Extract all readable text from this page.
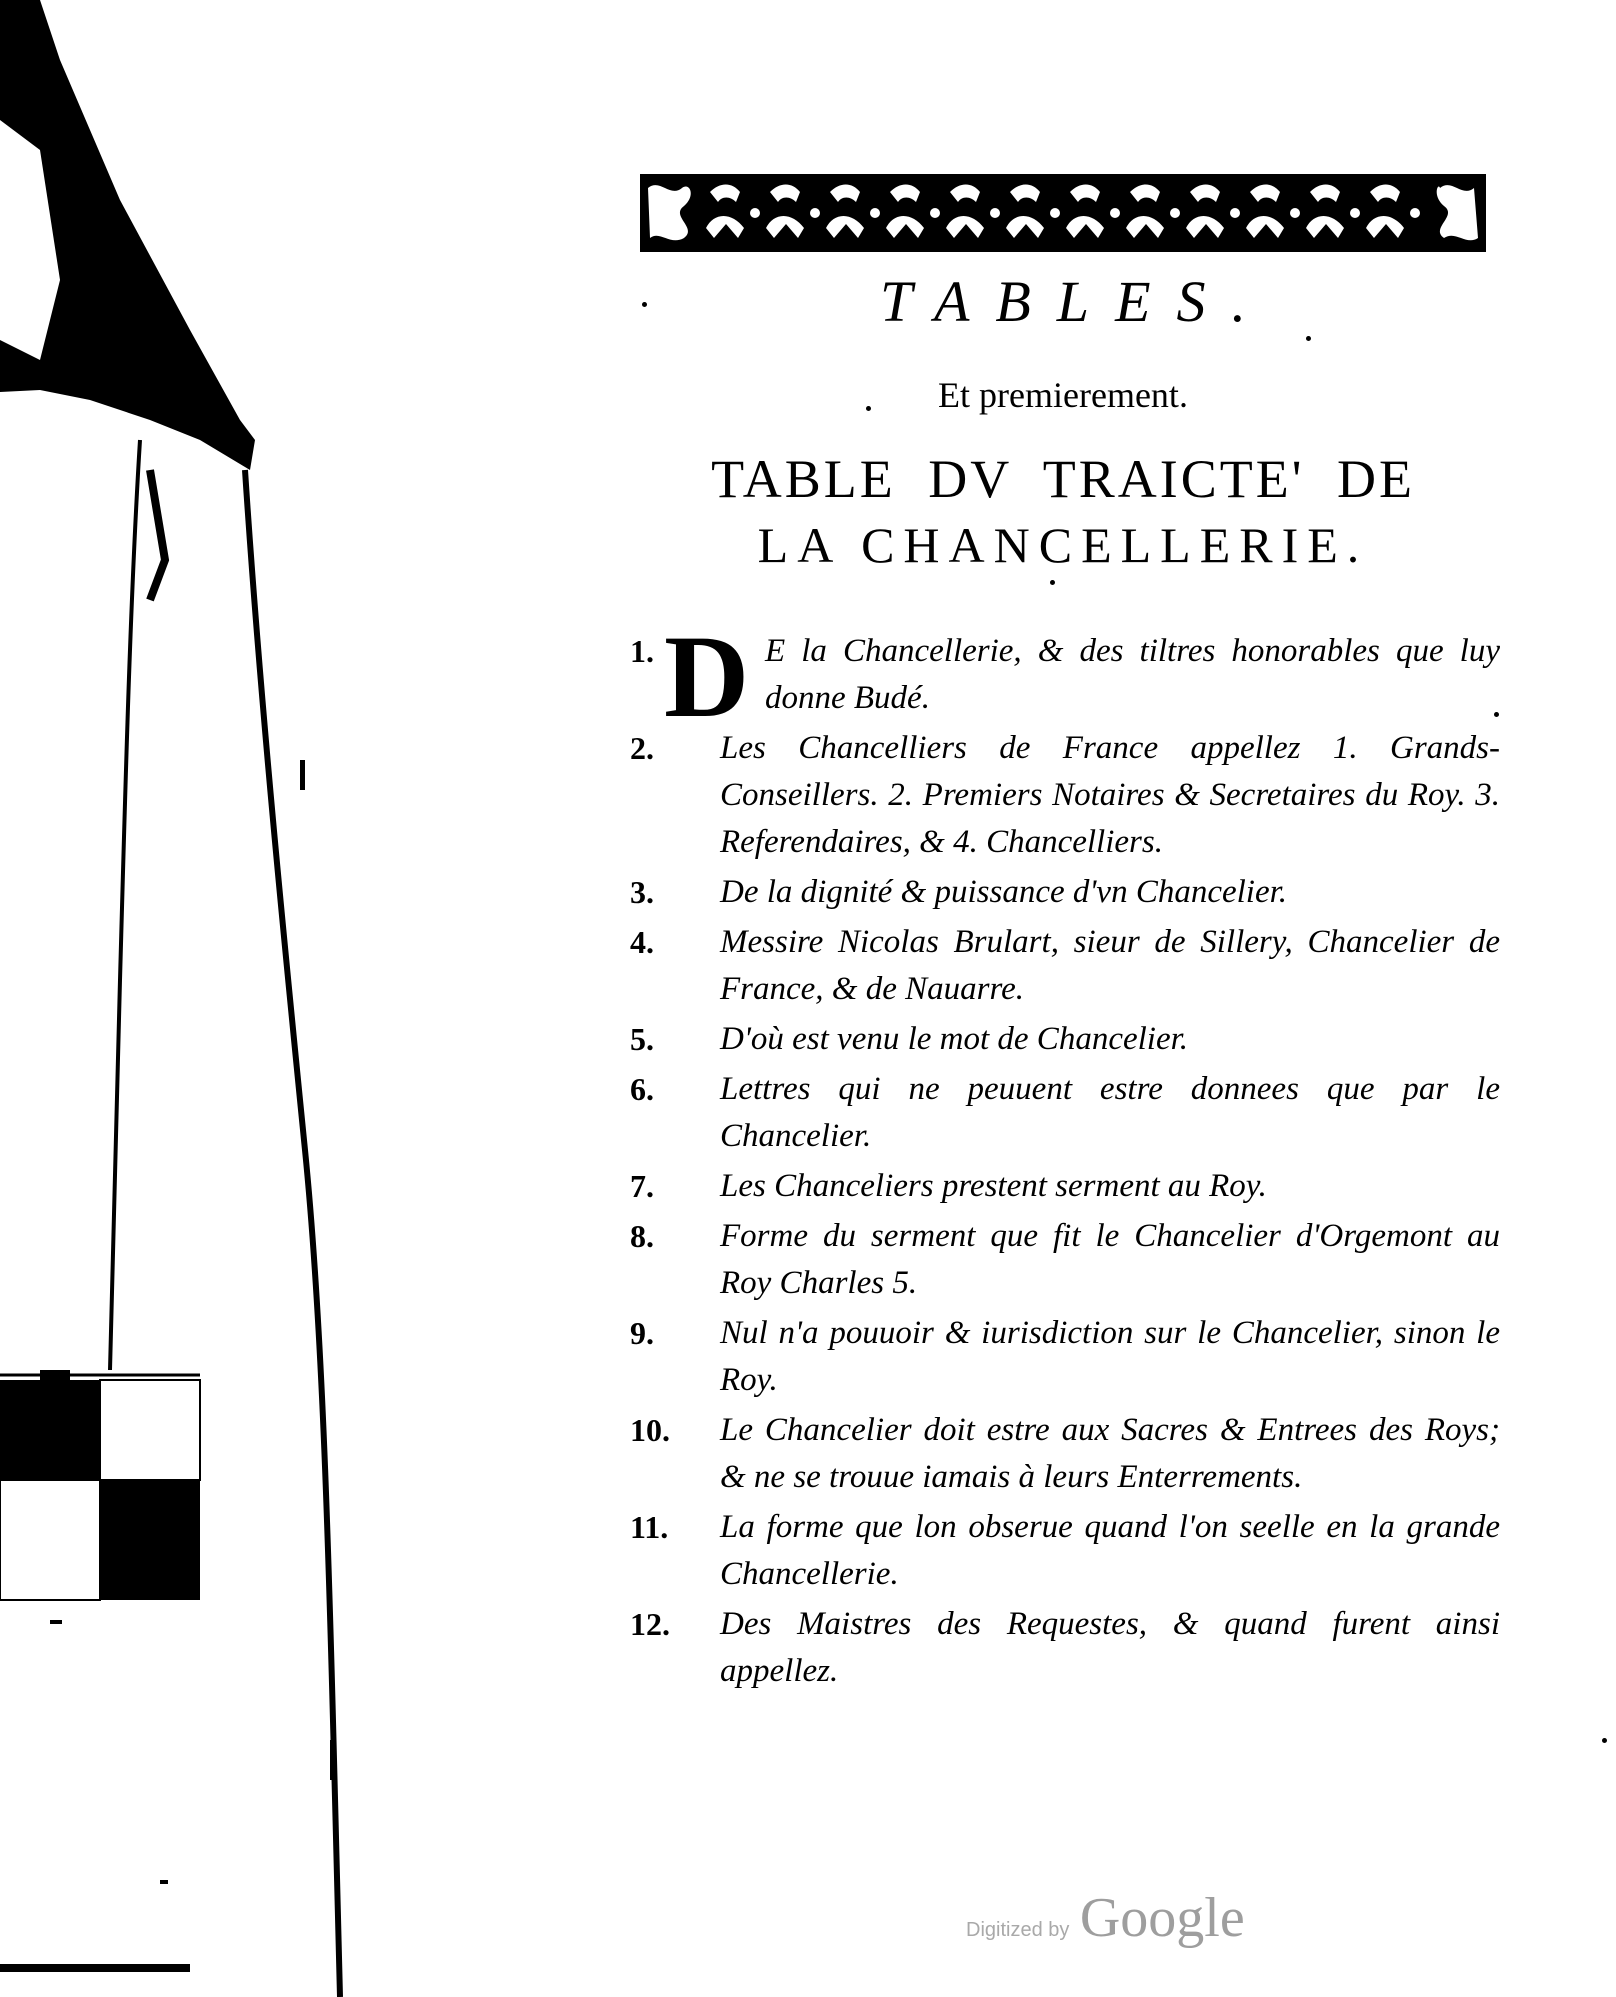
TABLES.
Et premierement.
TABLE DV TRAICTE' DE
LA CHANCELLERIE.
1. D E la Chancellerie, & des tiltres honorables que luy donne Budé.
2. Les Chancelliers de France appellez 1. Grands-Conseillers. 2. Premiers Notaires & Secretaires du Roy. 3. Referendaires, & 4. Chancelliers.
3. De la dignité & puissance d'vn Chancelier.
4. Messire Nicolas Brulart, sieur de Sillery, Chancelier de France, & de Nauarre.
5. D'où est venu le mot de Chancelier.
6. Lettres qui ne peuuent estre donnees que par le Chancelier.
7. Les Chanceliers prestent serment au Roy.
8. Forme du serment que fit le Chancelier d'Orgemont au Roy Charles 5.
9. Nul n'a pouuoir & iurisdiction sur le Chancelier, sinon le Roy.
10. Le Chancelier doit estre aux Sacres & Entrees des Roys; & ne se trouue iamais à leurs Enterrements.
11. La forme que lon obserue quand l'on seelle en la grande Chancellerie.
12. Des Maistres des Requestes, & quand furent ainsi appellez.
Digitized by Google
